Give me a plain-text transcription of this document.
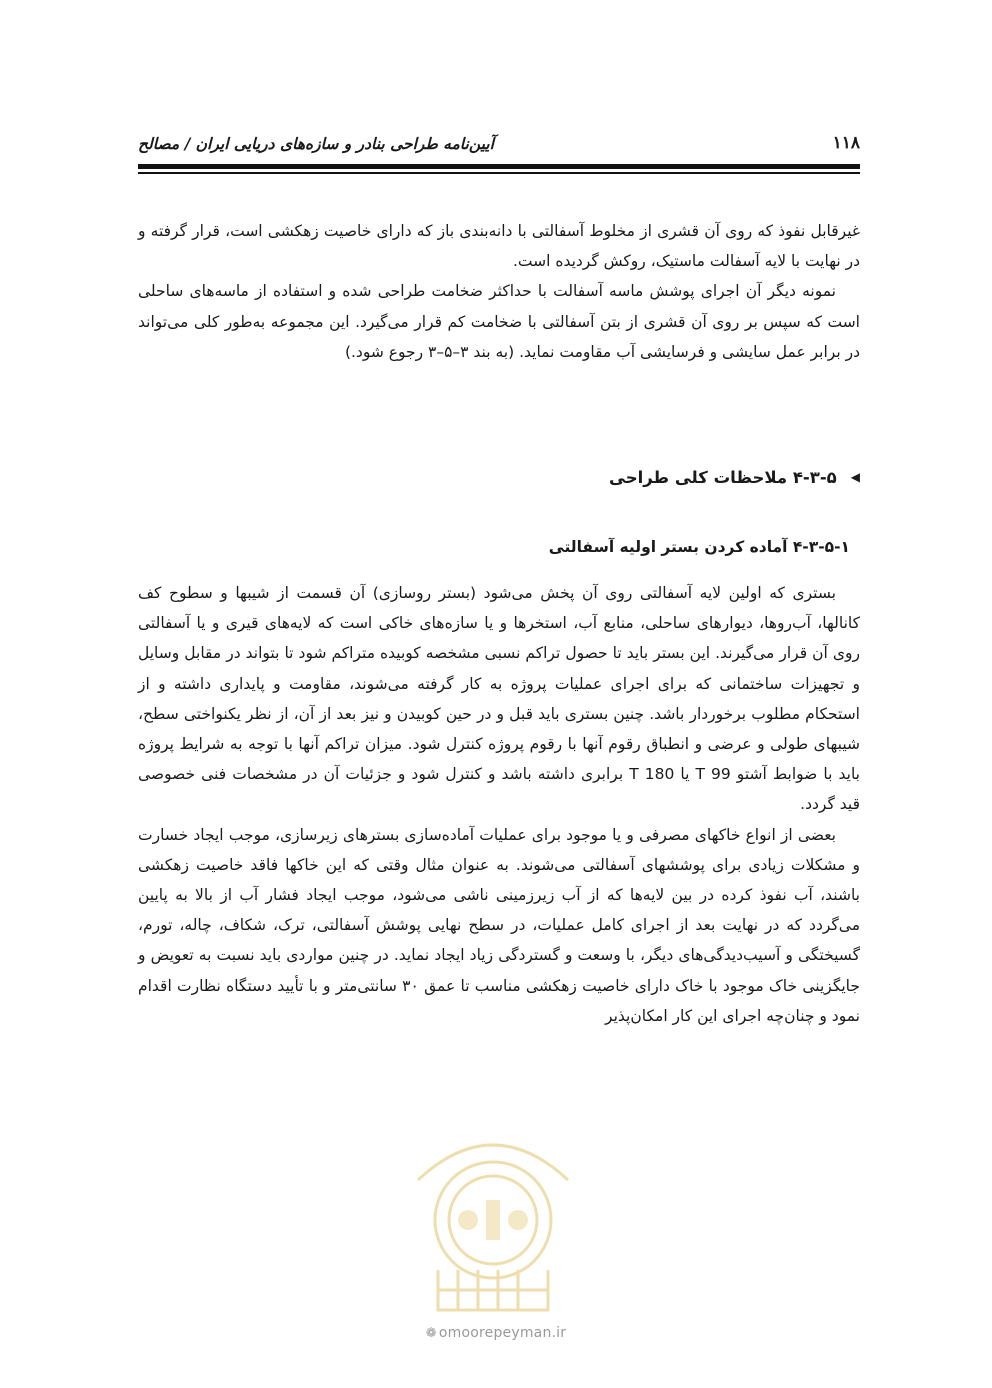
۱۱۸
آیین‌نامه طراحی بنادر و سازه‌های دریایی ایران / مصالح

غیرقابل نفوذ که روی آن قشری از مخلوط آسفالتی با دانه‌بندی باز که دارای خاصیت زهکشی است، قرار گرفته و در نهایت با لایه آسفالت ماستیک، روکش گردیده است.

نمونه دیگر آن اجرای پوشش ماسه آسفالت با حداکثر ضخامت طراحی شده و استفاده از ماسه‌های ساحلی است که سپس بر روی آن قشری از بتن آسفالتی با ضخامت کم قرار می‌گیرد. این مجموعه به‌طور کلی می‌تواند در برابر عمل سایشی و فرسایشی آب مقاومت نماید. (به بند ۳–۵–۳ رجوع شود.)

◀
۴-۳-۵ ملاحظات کلی طراحی
۴-۳-۵-۱ آماده کردن بستر اولیه آسفالتی

بستری که اولین لایه آسفالتی روی آن پخش می‌شود (بستر روسازی) آن قسمت از شیبها و سطوح کف کانالها، آب‌روها، دیوارهای ساحلی، منابع آب، استخرها و یا سازه‌های خاکی است که لایه‌های قیری و یا آسفالتی روی آن قرار می‌گیرند. این بستر باید تا حصول تراکم نسبی مشخصه کوبیده متراکم شود تا بتواند در مقابل وسایل و تجهیزات ساختمانی که برای اجرای عملیات پروژه به کار گرفته می‌شوند، مقاومت و پایداری داشته و از استحکام مطلوب برخوردار باشد. چنین بستری باید قبل و در حین کوبیدن و نیز بعد از آن، از نظر یکنواختی سطح، شیبهای طولی و عرضی و انطباق رقوم آنها با رقوم پروژه کنترل شود. میزان تراکم آنها با توجه به شرایط پروژه باید با ضوابط آشتو T 99 یا T 180 برابری داشته باشد و کنترل شود و جزئیات آن در مشخصات فنی خصوصی قید گردد.

بعضی از انواع خاکهای مصرفی و یا موجود برای عملیات آماده‌سازی بسترهای زیرسازی، موجب ایجاد خسارت و مشکلات زیادی برای پوششهای آسفالتی می‌شوند. به عنوان مثال وقتی که این خاکها فاقد خاصیت زهکشی باشند، آب نفوذ کرده در بین لایه‌ها که از آب زیرزمینی ناشی می‌شود، موجب ایجاد فشار آب از بالا به پایین می‌گردد که در نهایت بعد از اجرای کامل عملیات، در سطح نهایی پوشش آسفالتی، ترک، شکاف، چاله، تورم، گسیختگی و آسیب‌دیدگی‌های دیگر، با وسعت و گستردگی زیاد ایجاد نماید. در چنین مواردی باید نسبت به تعویض و جایگزینی خاک موجود با خاک دارای خاصیت زهکشی مناسب تا عمق ۳۰ سانتی‌متر و با تأیید دستگاه نظارت اقدام نمود و چنان‌چه اجرای این کار امکان‌پذیر

❁ omoorepeyman.ir
